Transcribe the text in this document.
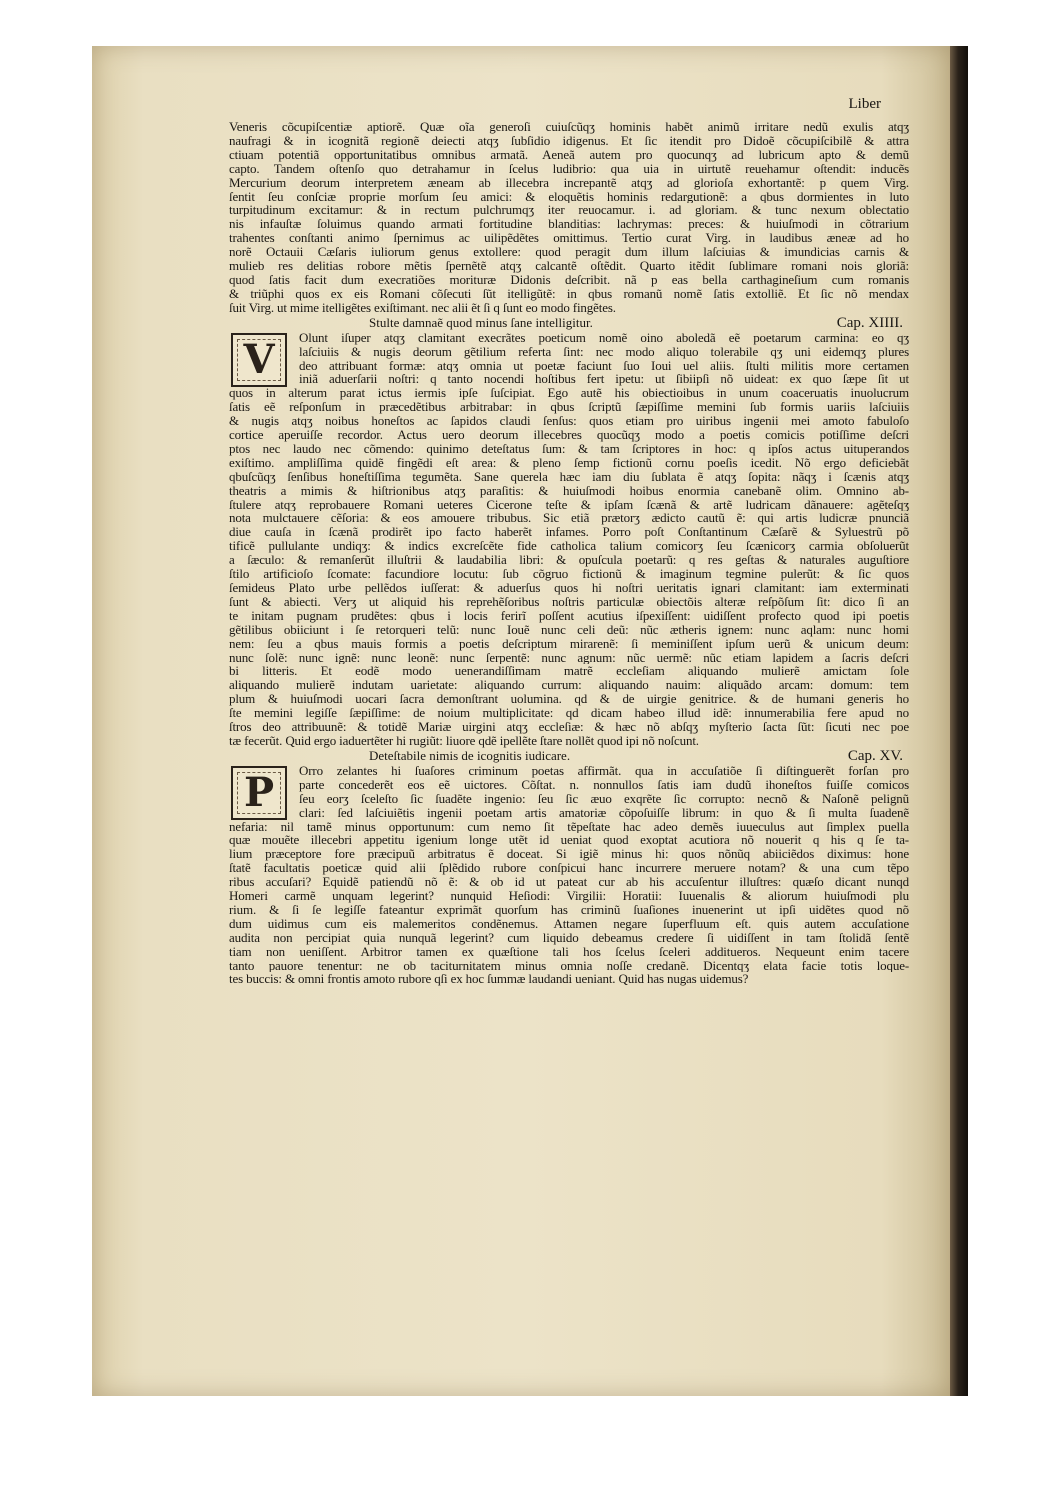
Liber
Veneris cõcupiſcentiæ aptiorẽ. Quæ oĩa generoſi cuiuſcũqʒ hominis habẽt animũ irritare nedũ exulis atqʒ
naufragi & in icognitã regionẽ deiecti atqʒ ſubſidio idigenus. Et ſic itendit pro Didoẽ cõcupiſcibilẽ & attra
ctiuam potentiã opportunitatibus omnibus armatã. Aeneã autem pro quocunqʒ ad lubricum apto & demũ
capto. Tandem oſtenſo quo detrahamur in ſcelus ludibrio: qua uia in uirtutẽ reuehamur oſtendit: inducẽs
Mercurium deorum interpretem æneam ab illecebra increpantẽ atqʒ ad glorioſa exhortantẽ: p quem Virg.
ſentit ſeu conſciæ proprie morſum ſeu amici: & eloquẽtis hominis redargutionẽ: a qbus dormientes in luto
turpitudinum excitamur: & in rectum pulchrumqʒ iter reuocamur. i. ad gloriam. & tunc nexum oblectatio
nis infauſtæ ſoluimus quando armati fortitudine blanditias: lachrymas: preces: & huiuſmodi in cõtrarium
trahentes conſtanti animo ſpernimus ac uilipẽdẽtes omittimus. Tertio curat Virg. in laudibus æneæ ad ho
norẽ Octauii Cæſaris iuliorum genus extollere: quod peragit dum illum laſciuias & imundicias carnis &
mulieb res delitias robore mẽtis ſpernẽtẽ atqʒ calcantẽ oſtẽdit. Quarto itẽdit ſublimare romani nois gloriã:
quod ſatis facit dum execratiões morituræ Didonis deſcribit. nã p eas bella carthagineſium cum romanis
& triũphi quos ex eis Romani cõſecuti ſũt itelligũtẽ: in qbus romanũ nomẽ ſatis extolliẽ. Et ſic nõ mendax
ſuit Virg. ut mime itelligẽtes exiſtimant. nec alii ẽt ſi q ſunt eo modo fingẽtes.
Stulte damnaẽ quod minus ſane intelligitur.	Cap. XIIII.
V	Olunt iſuper atqʒ clamitant execrãtes poeticum nomẽ oino aboledã eẽ poetarum carmina: eo qʒ
laſciuiis & nugis deorum gẽtilium referta ſint: nec modo aliquo tolerabile qʒ uni eidemqʒ plures
deo attribuant formæ: atqʒ omnia ut poetæ faciunt ſuo Ioui uel aliis. ſtulti militis more certamen
iniã aduerſarii noſtri: q tanto nocendi hoſtibus fert ipetu: ut ſibiipſi nõ uideat: ex quo ſæpe ſit ut
quos in alterum parat ictus iermis ipſe ſuſcipiat. Ego autẽ his obiectioibus in unum coaceruatis inuolucrum
ſatis eẽ reſponſum in præcedẽtibus arbitrabar: in qbus ſcriptũ ſæpiſſime memini ſub formis uariis laſciuiis
& nugis atqʒ noibus honeſtos ac ſapidos claudi ſenſus: quos etiam pro uiribus ingenii mei amoto fabuloſo
cortice aperuiſſe recordor. Actus uero deorum illecebres quocũqʒ modo a poetis comicis potiſſime deſcri
ptos nec laudo nec cõmendo: quinimo deteſtatus ſum: & tam ſcriptores in hoc: q ipſos actus uituperandos
exiſtimo. ampliſſima quidẽ fingẽdi eſt area: & pleno ſemp fictionũ cornu poeſis icedit. Nõ ergo deficiebãt
qbuſcũqʒ ſenſibus honeſtiſſima tegumẽta. Sane querela hæc iam diu ſublata ẽ atqʒ ſopita: nãqʒ i ſcænis atqʒ
theatris a mimis & hiſtrionibus atqʒ paraſitis: & huiuſmodi hoibus enormia canebanẽ olim. Omnino ab-
ſtulere atqʒ reprobauere Romani ueteres Cicerone teſte & ipſam ſcænã & artẽ ludricam dãnauere: agẽteſqʒ
nota mulctauere cẽſoria: & eos amouere tribubus. Sic etiã prætorʒ ædicto cautũ ẽ: qui artis ludicræ pnunciã
diue cauſa in ſcænã prodirẽt ipo facto haberẽt infames. Porro poſt Conſtantinum Cæſarẽ & Syluestrũ põ
tificẽ pullulante undiqʒ: & indics excreſcẽte fide catholica talium comicorʒ ſeu ſcænicorʒ carmia obſoluerũt
a ſæculo: & remanſerũt illuſtrii & laudabilia libri: & opuſcula poetarũ: q res geſtas & naturales auguſtiore
ſtilo artificioſo ſcomate: facundiore locutu: ſub cõgruo fictionũ & imaginum tegmine pulerũt: & ſic quos
ſemideus Plato urbe pellẽdos iuſſerat: & aduerſus quos hi noſtri ueritatis ignari clamitant: iam exterminati
ſunt & abiecti. Verʒ ut aliquid his reprehẽſoribus noſtris particulæ obiectõis alteræ reſpõſum ſit: dico ſi an
te initam pugnam prudẽtes: qbus i locis ferirĩ poſſent acutius iſpexiſſent: uidiſſent profecto quod ipi poetis
gẽtilibus obiiciunt i ſe retorqueri telũ: nunc Iouẽ nunc celi deũ: nũc ætheris ignem: nunc aqlam: nunc homi
nem: ſeu a qbus mauis formis a poetis deſcriptum mirarenẽ: ſi meminiſſent ipſum uerũ & unicum deum:
nunc ſolẽ: nunc ignẽ: nunc leonẽ: nunc ſerpentẽ: nunc agnum: nũc uermẽ: nũc etiam lapidem a ſacris deſcri
bi litteris. Et eodẽ modo uenerandiſſimam matrẽ eccleſiam aliquando mulierẽ amictam ſole
aliquando mulierẽ indutam uarietate: aliquando currum: aliquando nauim: aliquãdo arcam: domum: tem
plum & huiuſmodi uocari ſacra demonſtrant uolumina. qd & de uirgie genitrice. & de humani generis ho
ſte memini legiſſe ſæpiſſime: de noium multiplicitate: qd dicam habeo illud idẽ: innumerabilia fere apud no
ſtros deo attribuunẽ: & totidẽ Mariæ uirgini atqʒ eccleſiæ: & hæc nõ abſqʒ myſterio ſacta ſũt: ſicuti nec poe
tæ fecerũt. Quid ergo iaduertẽter hi rugiũt: liuore qdẽ ipellẽte ſtare nollẽt quod ipi nõ noſcunt.
Deteſtabile nimis de icognitis iudicare.	Cap. XV.
P	Orro zelantes hi ſuaſores criminum poetas affirmãt. qua in accuſatiõe ſi diſtinguerẽt forſan pro
parte concederẽt eos eẽ uictores. Cõſtat. n. nonnullos ſatis iam dudũ ihoneſtos fuiſſe comicos
ſeu eorʒ ſceleſto ſic ſuadẽte ingenio: ſeu ſic æuo exqrẽte ſic corrupto: necnõ & Naſonẽ pelignũ
clari: ſed laſciuiẽtis ingenii poetam artis amatoriæ cõpoſuiſſe librum: in quo & ſi multa ſuadenẽ
nefaria: nil tamẽ minus opportunum: cum nemo ſit tẽpeſtate hac adeo demẽs iuueculus aut ſimplex puella
quæ mouẽte illecebri appetitu igenium longe utẽt id ueniat quod exoptat acutiora nõ nouerit q his q ſe ta-
lium præceptore fore præcipuũ arbitratus ẽ doceat. Si igiẽ minus hi: quos nõnũq abiiciẽdos diximus: hone
ſtatẽ facultatis poeticæ quid alii ſplẽdido rubore conſpicui hanc incurrere meruere notam? & una cum tẽpo
ribus accuſari? Equidẽ patiendũ nõ ẽ: & ob id ut pateat cur ab his accuſentur illuſtres: quæſo dicant nunqd
Homeri carmẽ unquam legerint? nunquid Heſiodi: Virgilii: Horatii: Iuuenalis & aliorum huiuſmodi plu
rium. & ſi ſe legiſſe fateantur exprimãt quorſum has criminũ ſuaſiones inuenerint ut ipſi uidẽtes quod nõ
dum uidimus cum eis malemeritos condẽnemus. Attamen negare ſuperfluum eſt. quis autem accuſatione
audita non percipiat quia nunquã legerint? cum liquido debeamus credere ſi uidiſſent in tam ſtolidã ſentẽ
tiam non ueniſſent. Arbitror tamen ex quæſtione tali hos ſcelus ſceleri additueros. Nequeunt enim tacere
tanto pauore tenentur: ne ob taciturnitatem minus omnia noſſe credanẽ. Dicentqʒ elata facie totis loque-
tes buccis: & omni frontis amoto rubore qſi ex hoc ſummæ laudandi ueniant. Quid has nugas uidemus?
